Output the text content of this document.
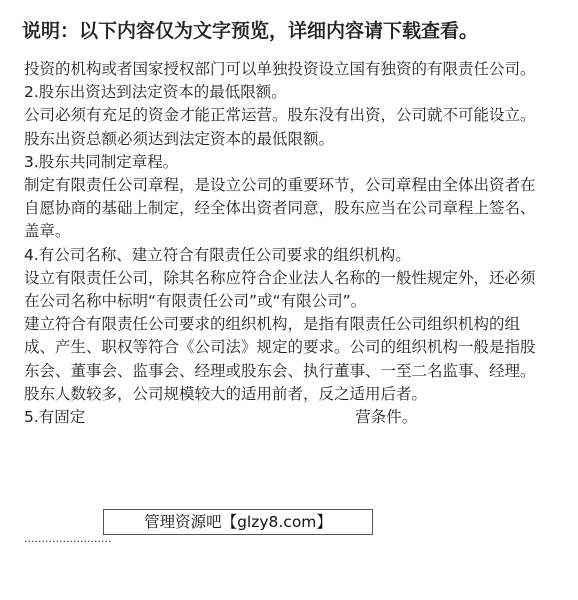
说明：以下内容仅为文字预览，详细内容请下载查看。

投资的机构或者国家授权部门可以单独投资设立国有独资的有限责任公司。

2.股东出资达到法定资本的最低限额。

公司必须有充足的资金才能正常运营。股东没有出资，公司就不可能设立。股东出资总额必须达到法定资本的最低限额。

3.股东共同制定章程。

制定有限责任公司章程，是设立公司的重要环节，公司章程由全体出资者在自愿协商的基础上制定，经全体出资者同意，股东应当在公司章程上签名、盖章。

4.有公司名称、建立符合有限责任公司要求的组织机构。

设立有限责任公司，除其名称应符合企业法人名称的一般性规定外，还必须在公司名称中标明“有限责任公司”或“有限公司”。

建立符合有限责任公司要求的组织机构，是指有限责任公司组织机构的组成、产生、职权等符合《公司法》规定的要求。公司的组织机构一般是指股东会、董事会、监事会、经理或股东会、执行董事、一至二名监事、经理。股东人数较多，公司规模较大的适用前者，反之适用后者。

5.有固定	营条件。

管理资源吧【glzy8.com】
·························
